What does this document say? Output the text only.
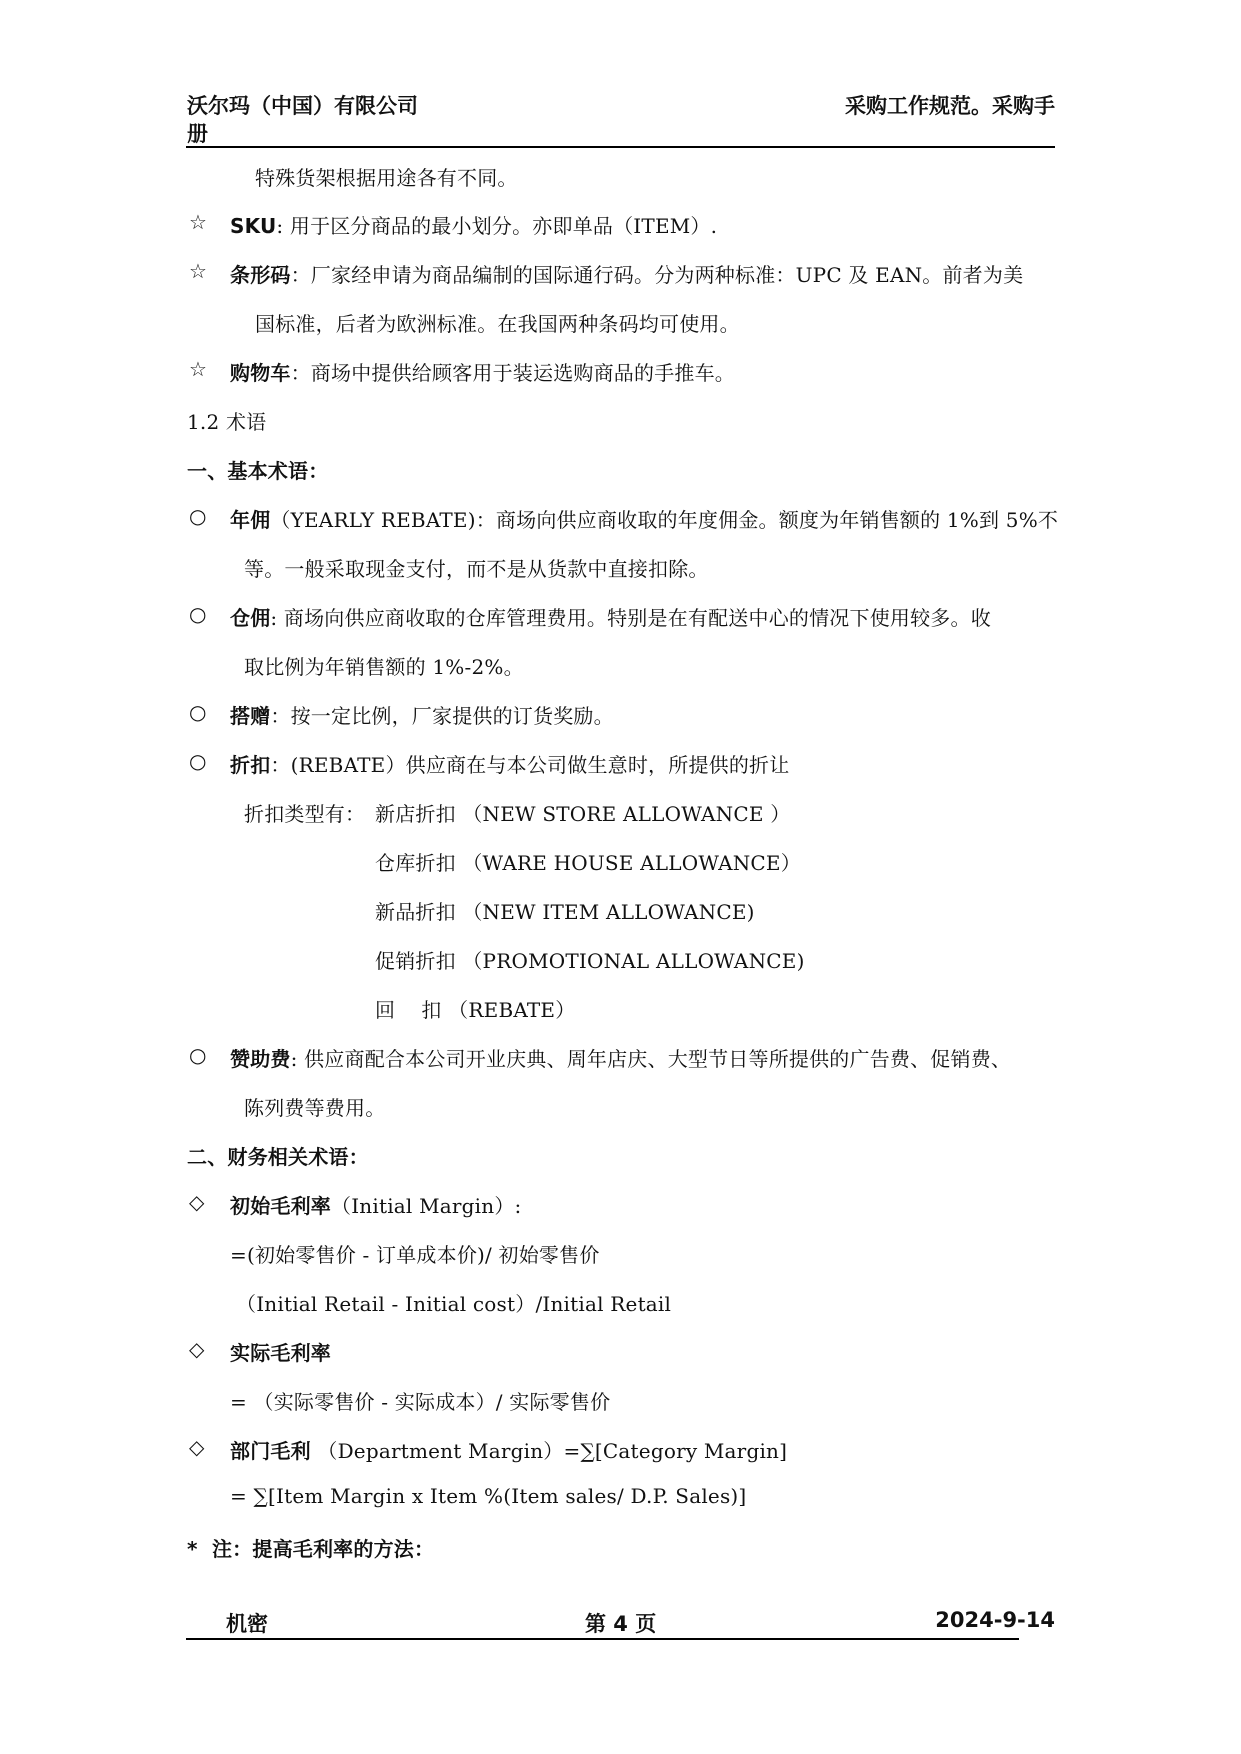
沃尔玛（中国）有限公司
册
采购工作规范。采购手
特殊货架根据用途各有不同。
☆ SKU: 用于区分商品的最小划分。亦即单品（ITEM）.
☆ 条形码：厂家经申请为商品编制的国际通行码。分为两种标准：UPC 及 EAN。前者为美
国标准，后者为欧洲标准。在我国两种条码均可使用。
☆ 购物车：商场中提供给顾客用于装运选购商品的手推车。
1.2 术语
一、基本术语：
○ 年佣（YEARLY REBATE)：商场向供应商收取的年度佣金。额度为年销售额的 1%到 5%不
等。一般采取现金支付，而不是从货款中直接扣除。
○ 仓佣: 商场向供应商收取的仓库管理费用。特别是在有配送中心的情况下使用较多。收
取比例为年销售额的 1%-2%。
○ 搭赠：按一定比例，厂家提供的订货奖励。
○ 折扣：(REBATE）供应商在与本公司做生意时，所提供的折让
折扣类型有： 新店折扣 （NEW STORE ALLOWANCE ）
仓库折扣 （WARE HOUSE ALLOWANCE）
新品折扣 （NEW ITEM ALLOWANCE)
促销折扣 （PROMOTIONAL ALLOWANCE)
回    扣 （REBATE）
○ 赞助费: 供应商配合本公司开业庆典、周年店庆、大型节日等所提供的广告费、促销费、
陈列费等费用。
二、财务相关术语：
◇ 初始毛利率（Initial Margin）:
=(初始零售价 - 订单成本价)/ 初始零售价
（Initial Retail - Initial cost）/Initial Retail
◇ 实际毛利率
= （实际零售价 - 实际成本）/ 实际零售价
◇ 部门毛利 （Department Margin）=∑[Category Margin]
= ∑[Item Margin x Item %(Item sales/ D.P. Sales)]
*  注：提高毛利率的方法：
机密	第 4 页	2024-9-14
